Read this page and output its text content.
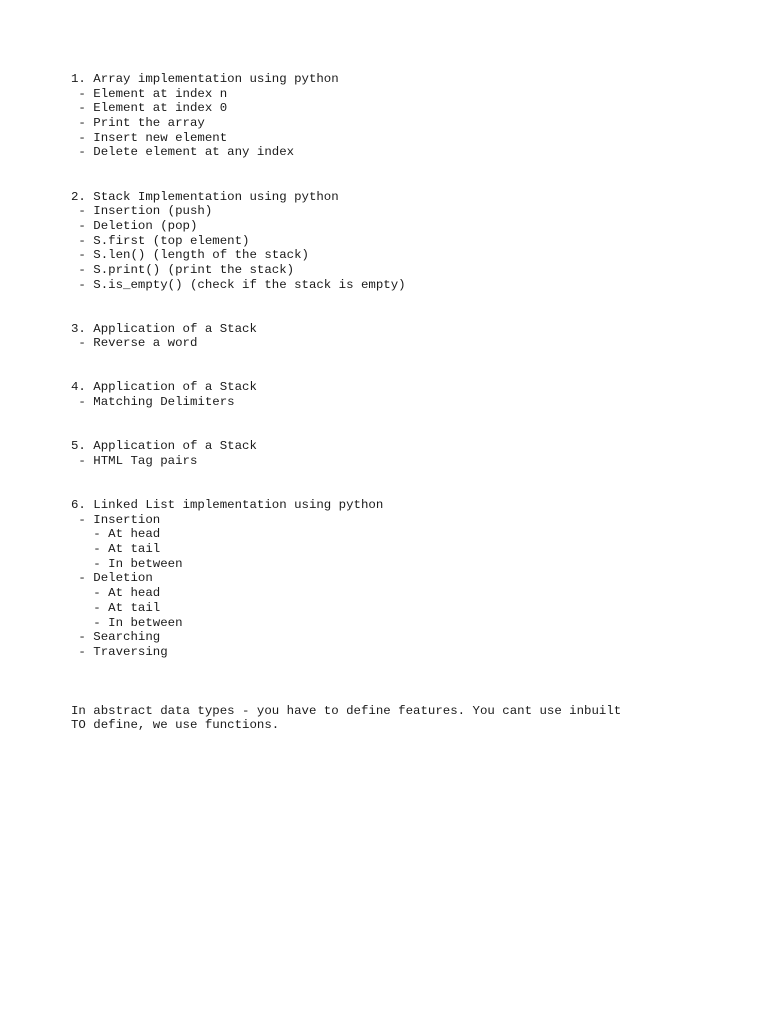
1. Array implementation using python
- Element at index n
- Element at index 0
- Print the array
- Insert new element
- Delete element at any index
2. Stack Implementation using python
- Insertion (push)
- Deletion (pop)
- S.first (top element)
- S.len() (length of the stack)
- S.print() (print the stack)
- S.is_empty() (check if the stack is empty)
3. Application of a Stack
- Reverse a word
4. Application of a Stack
- Matching Delimiters
5. Application of a Stack
- HTML Tag pairs
6. Linked List implementation using python
- Insertion
- At head
- At tail
- In between
- Deletion
- At head
- At tail
- In between
- Searching
- Traversing
In abstract data types - you have to define features. You cant use inbuilt
TO define, we use functions.
